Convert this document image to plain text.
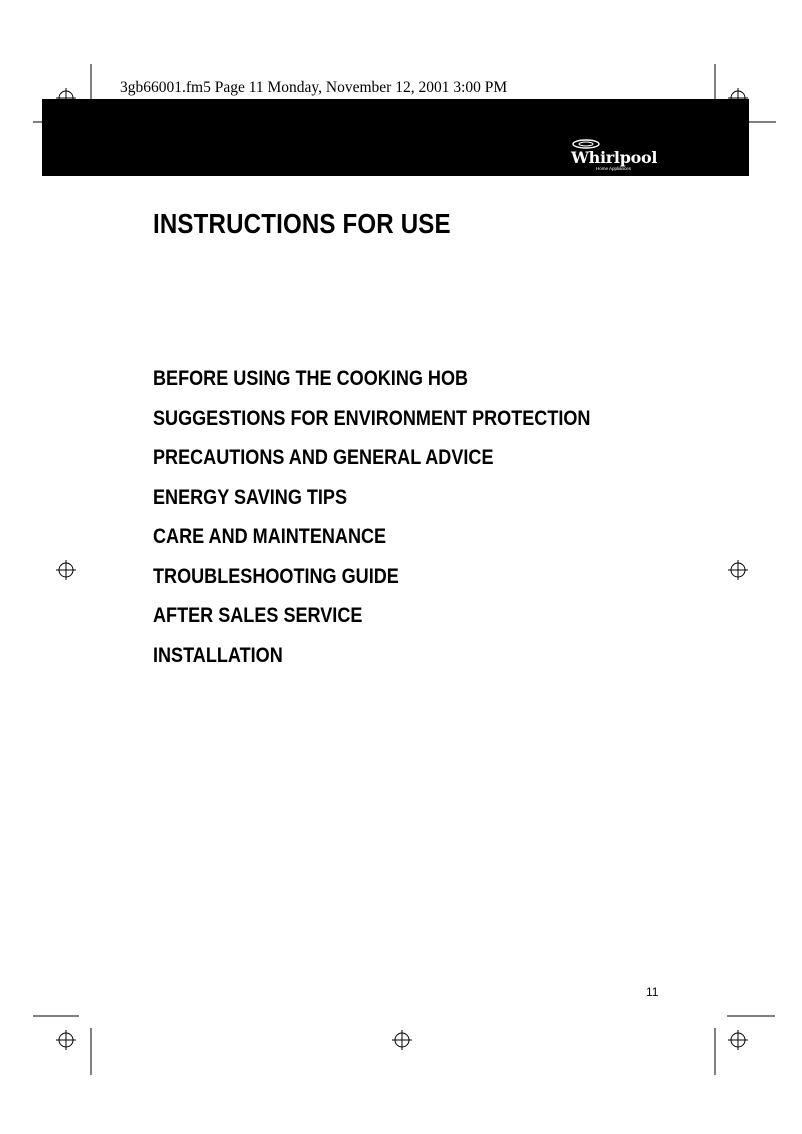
3gb66001.fm5 Page 11 Monday, November 12, 2001 3:00 PM
Whirlpool
Home Appliances
INSTRUCTIONS FOR USE
BEFORE USING THE COOKING HOB
SUGGESTIONS FOR ENVIRONMENT PROTECTION
PRECAUTIONS AND GENERAL ADVICE
ENERGY SAVING TIPS
CARE AND MAINTENANCE
TROUBLESHOOTING GUIDE
AFTER SALES SERVICE
INSTALLATION
11
